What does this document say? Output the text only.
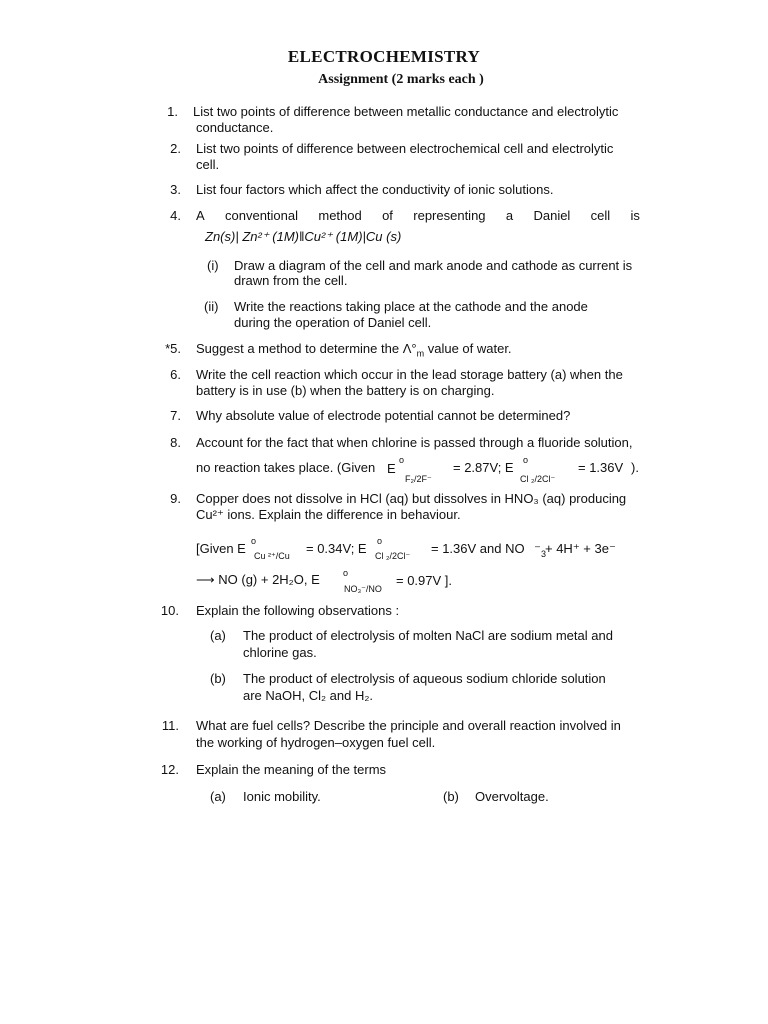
ELECTROCHEMISTRY
Assignment (2 marks each )
1. List two points of difference between metallic conductance and electrolytic
conductance.
2. List two points of difference between electrochemical cell and electrolytic
cell.
3. List four factors which affect the conductivity of ionic solutions.
4. A conventional method of representing a Daniel cell is
Zn(s)| Zn²⁺ (1M)‖Cu²⁺ (1M)|Cu (s)
(i) Draw a diagram of the cell and mark anode and cathode as current is
drawn from the cell.
(ii) Write the reactions taking place at the cathode and the anode
during the operation of Daniel cell.
*5. Suggest a method to determine the $\Lambda^\circ_m$ value of water.
6. Write the cell reaction which occur in the lead storage battery (a) when the
battery is in use (b) when the battery is on charging.
7. Why absolute value of electrode potential cannot be determined?
8. Account for the fact that when chlorine is passed through a fluoride solution,
no reaction takes place. (Given E
o
F₂/2F⁻
= 2.87V; E o
Cl ₂/2Cl⁻
= 1.36V ).
9. Copper does not dissolve in HCl (aq) but dissolves in HNO₃ (aq) producing
Cu²⁺ ions. Explain the difference in behaviour.
[Given E o
Cu ²⁺/Cu = 0.34V; E o
Cl ₂/2Cl⁻ = 1.36V and NO –
3
+ 4H⁺ + 3e⁻
⟶ NO (g) + 2H₂O, E	o
NO₃⁻/NO
= 0.97V ].
10. Explain the following observations :
(a) The product of electrolysis of molten NaCl are sodium metal and
chlorine gas.
(b) The product of electrolysis of aqueous sodium chloride solution
are NaOH, Cl₂ and H₂.
11. What are fuel cells? Describe the principle and overall reaction involved in
the working of hydrogen–oxygen fuel cell.
12. Explain the meaning of the terms
(a) Ionic mobility.	(b) Overvoltage.
